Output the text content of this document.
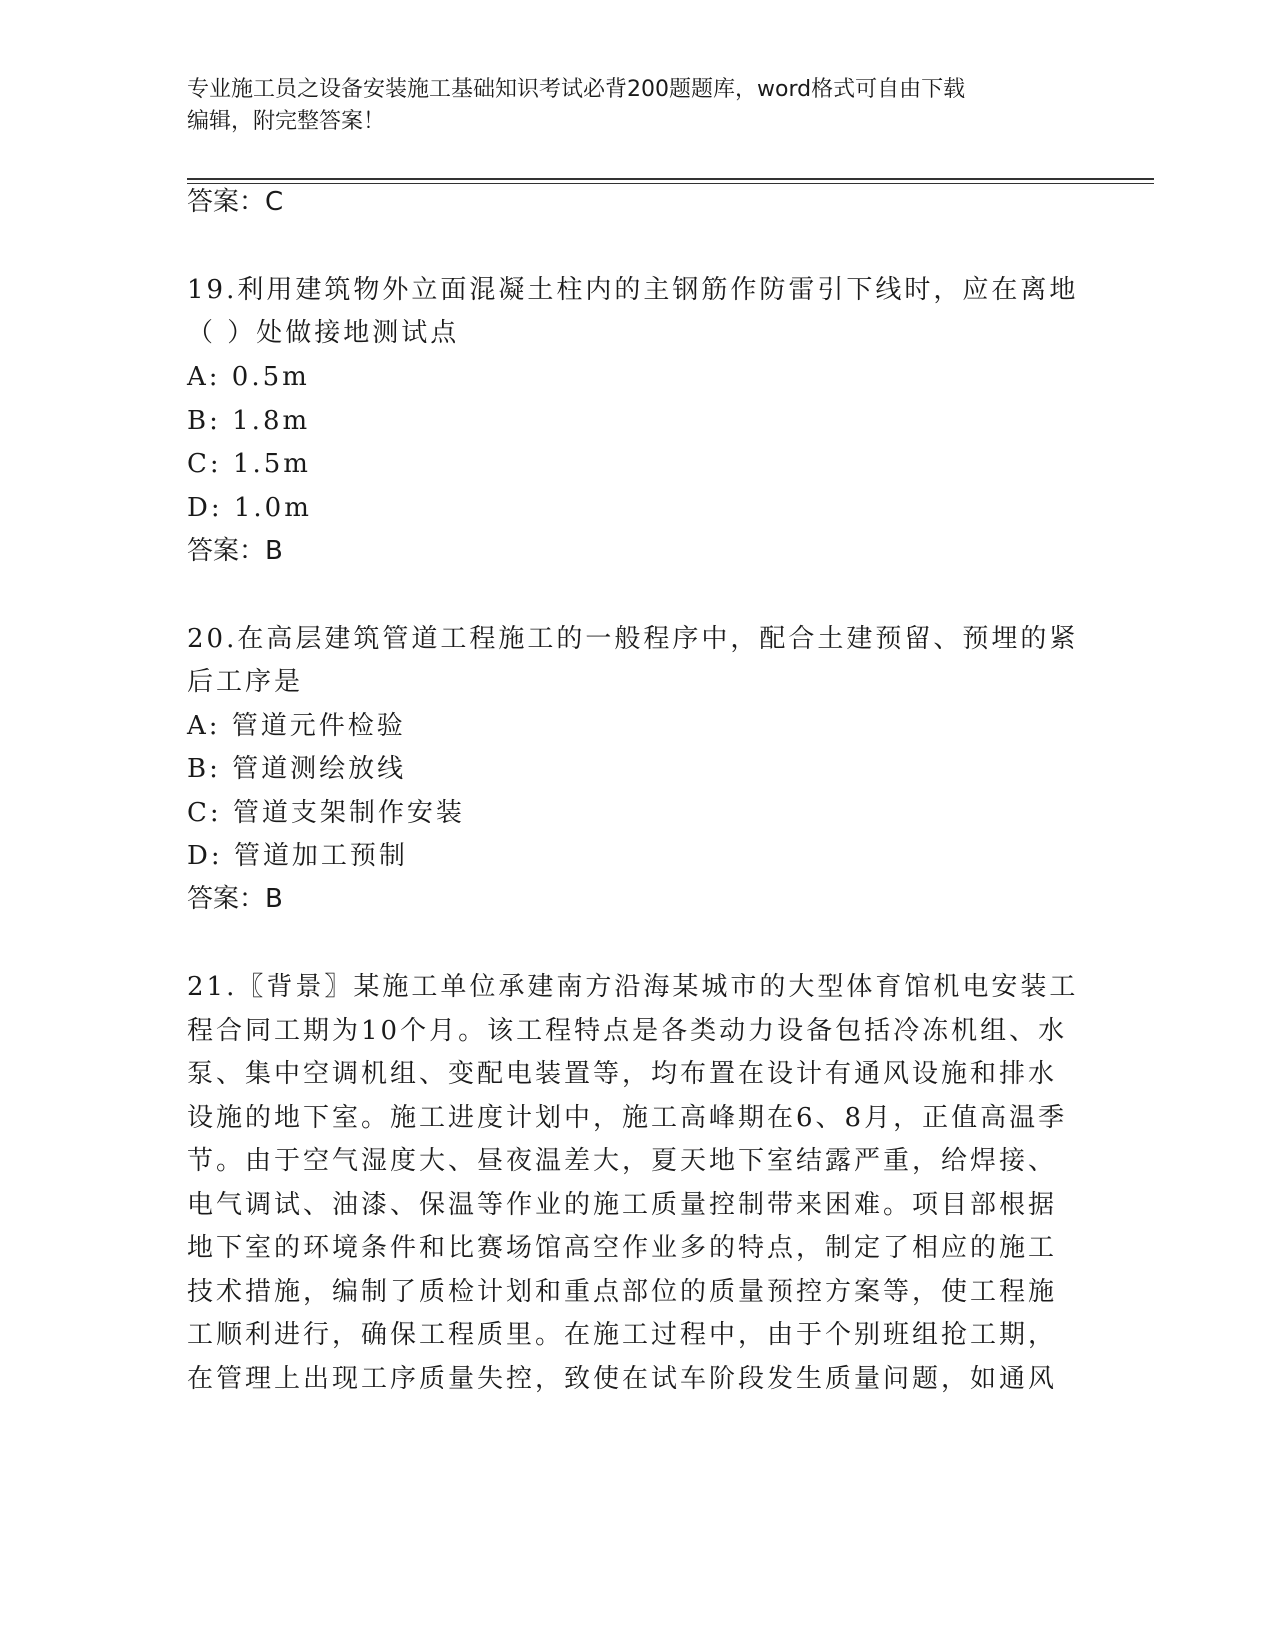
专业施工员之设备安装施工基础知识考试必背200题题库，word格式可自由下载

编辑，附完整答案！

答案：C
19.利用建筑物外立面混凝土柱内的主钢筋作防雷引下线时，应在离地
（ ）处做接地测试点
A: 0.5m
B: 1.8m
C: 1.5m
D: 1.0m
答案：B
20.在高层建筑管道工程施工的一般程序中，配合土建预留、预埋的紧
后工序是
A: 管道元件检验
B: 管道测绘放线
C: 管道支架制作安装
D: 管道加工预制
答案：B
21.〖背景〗某施工单位承建南方沿海某城市的大型体育馆机电安装工
程合同工期为10个月。该工程特点是各类动力设备包括冷冻机组、水
泵、集中空调机组、变配电装置等，均布置在设计有通风设施和排水
设施的地下室。施工进度计划中，施工高峰期在6、8月，正值高温季
节。由于空气湿度大、昼夜温差大，夏天地下室结露严重，给焊接、
电气调试、油漆、保温等作业的施工质量控制带来困难。项目部根据
地下室的环境条件和比赛场馆高空作业多的特点，制定了相应的施工
技术措施，编制了质检计划和重点部位的质量预控方案等，使工程施
工顺利进行，确保工程质里。在施工过程中，由于个别班组抢工期，
在管理上出现工序质量失控，致使在试车阶段发生质量问题，如通风
